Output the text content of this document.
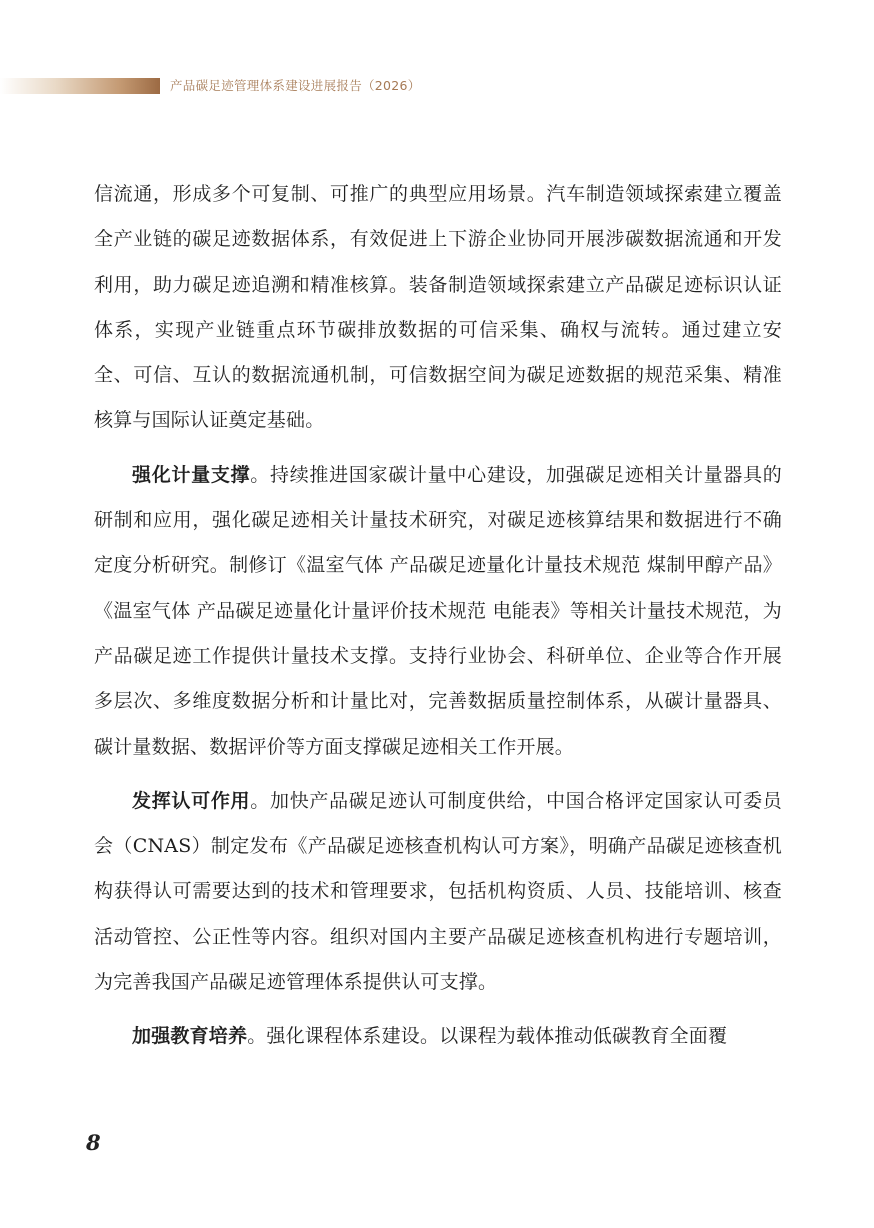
产品碳足迹管理体系建设进展报告（2026）

信流通，形成多个可复制、可推广的典型应用场景。汽车制造领域探索建立覆盖全产业链的碳足迹数据体系，有效促进上下游企业协同开展涉碳数据流通和开发利用，助力碳足迹追溯和精准核算。装备制造领域探索建立产品碳足迹标识认证体系，实现产业链重点环节碳排放数据的可信采集、确权与流转。通过建立安全、可信、互认的数据流通机制，可信数据空间为碳足迹数据的规范采集、精准核算与国际认证奠定基础。

强化计量支撑。持续推进国家碳计量中心建设，加强碳足迹相关计量器具的研制和应用，强化碳足迹相关计量技术研究，对碳足迹核算结果和数据进行不确定度分析研究。制修订《温室气体 产品碳足迹量化计量技术规范 煤制甲醇产品》《温室气体 产品碳足迹量化计量评价技术规范 电能表》等相关计量技术规范，为产品碳足迹工作提供计量技术支撑。支持行业协会、科研单位、企业等合作开展多层次、多维度数据分析和计量比对，完善数据质量控制体系，从碳计量器具、碳计量数据、数据评价等方面支撑碳足迹相关工作开展。

发挥认可作用。加快产品碳足迹认可制度供给，中国合格评定国家认可委员会（CNAS）制定发布《产品碳足迹核查机构认可方案》，明确产品碳足迹核查机构获得认可需要达到的技术和管理要求，包括机构资质、人员、技能培训、核查活动管控、公正性等内容。组织对国内主要产品碳足迹核查机构进行专题培训，为完善我国产品碳足迹管理体系提供认可支撑。

加强教育培养。强化课程体系建设。以课程为载体推动低碳教育全面覆

8
